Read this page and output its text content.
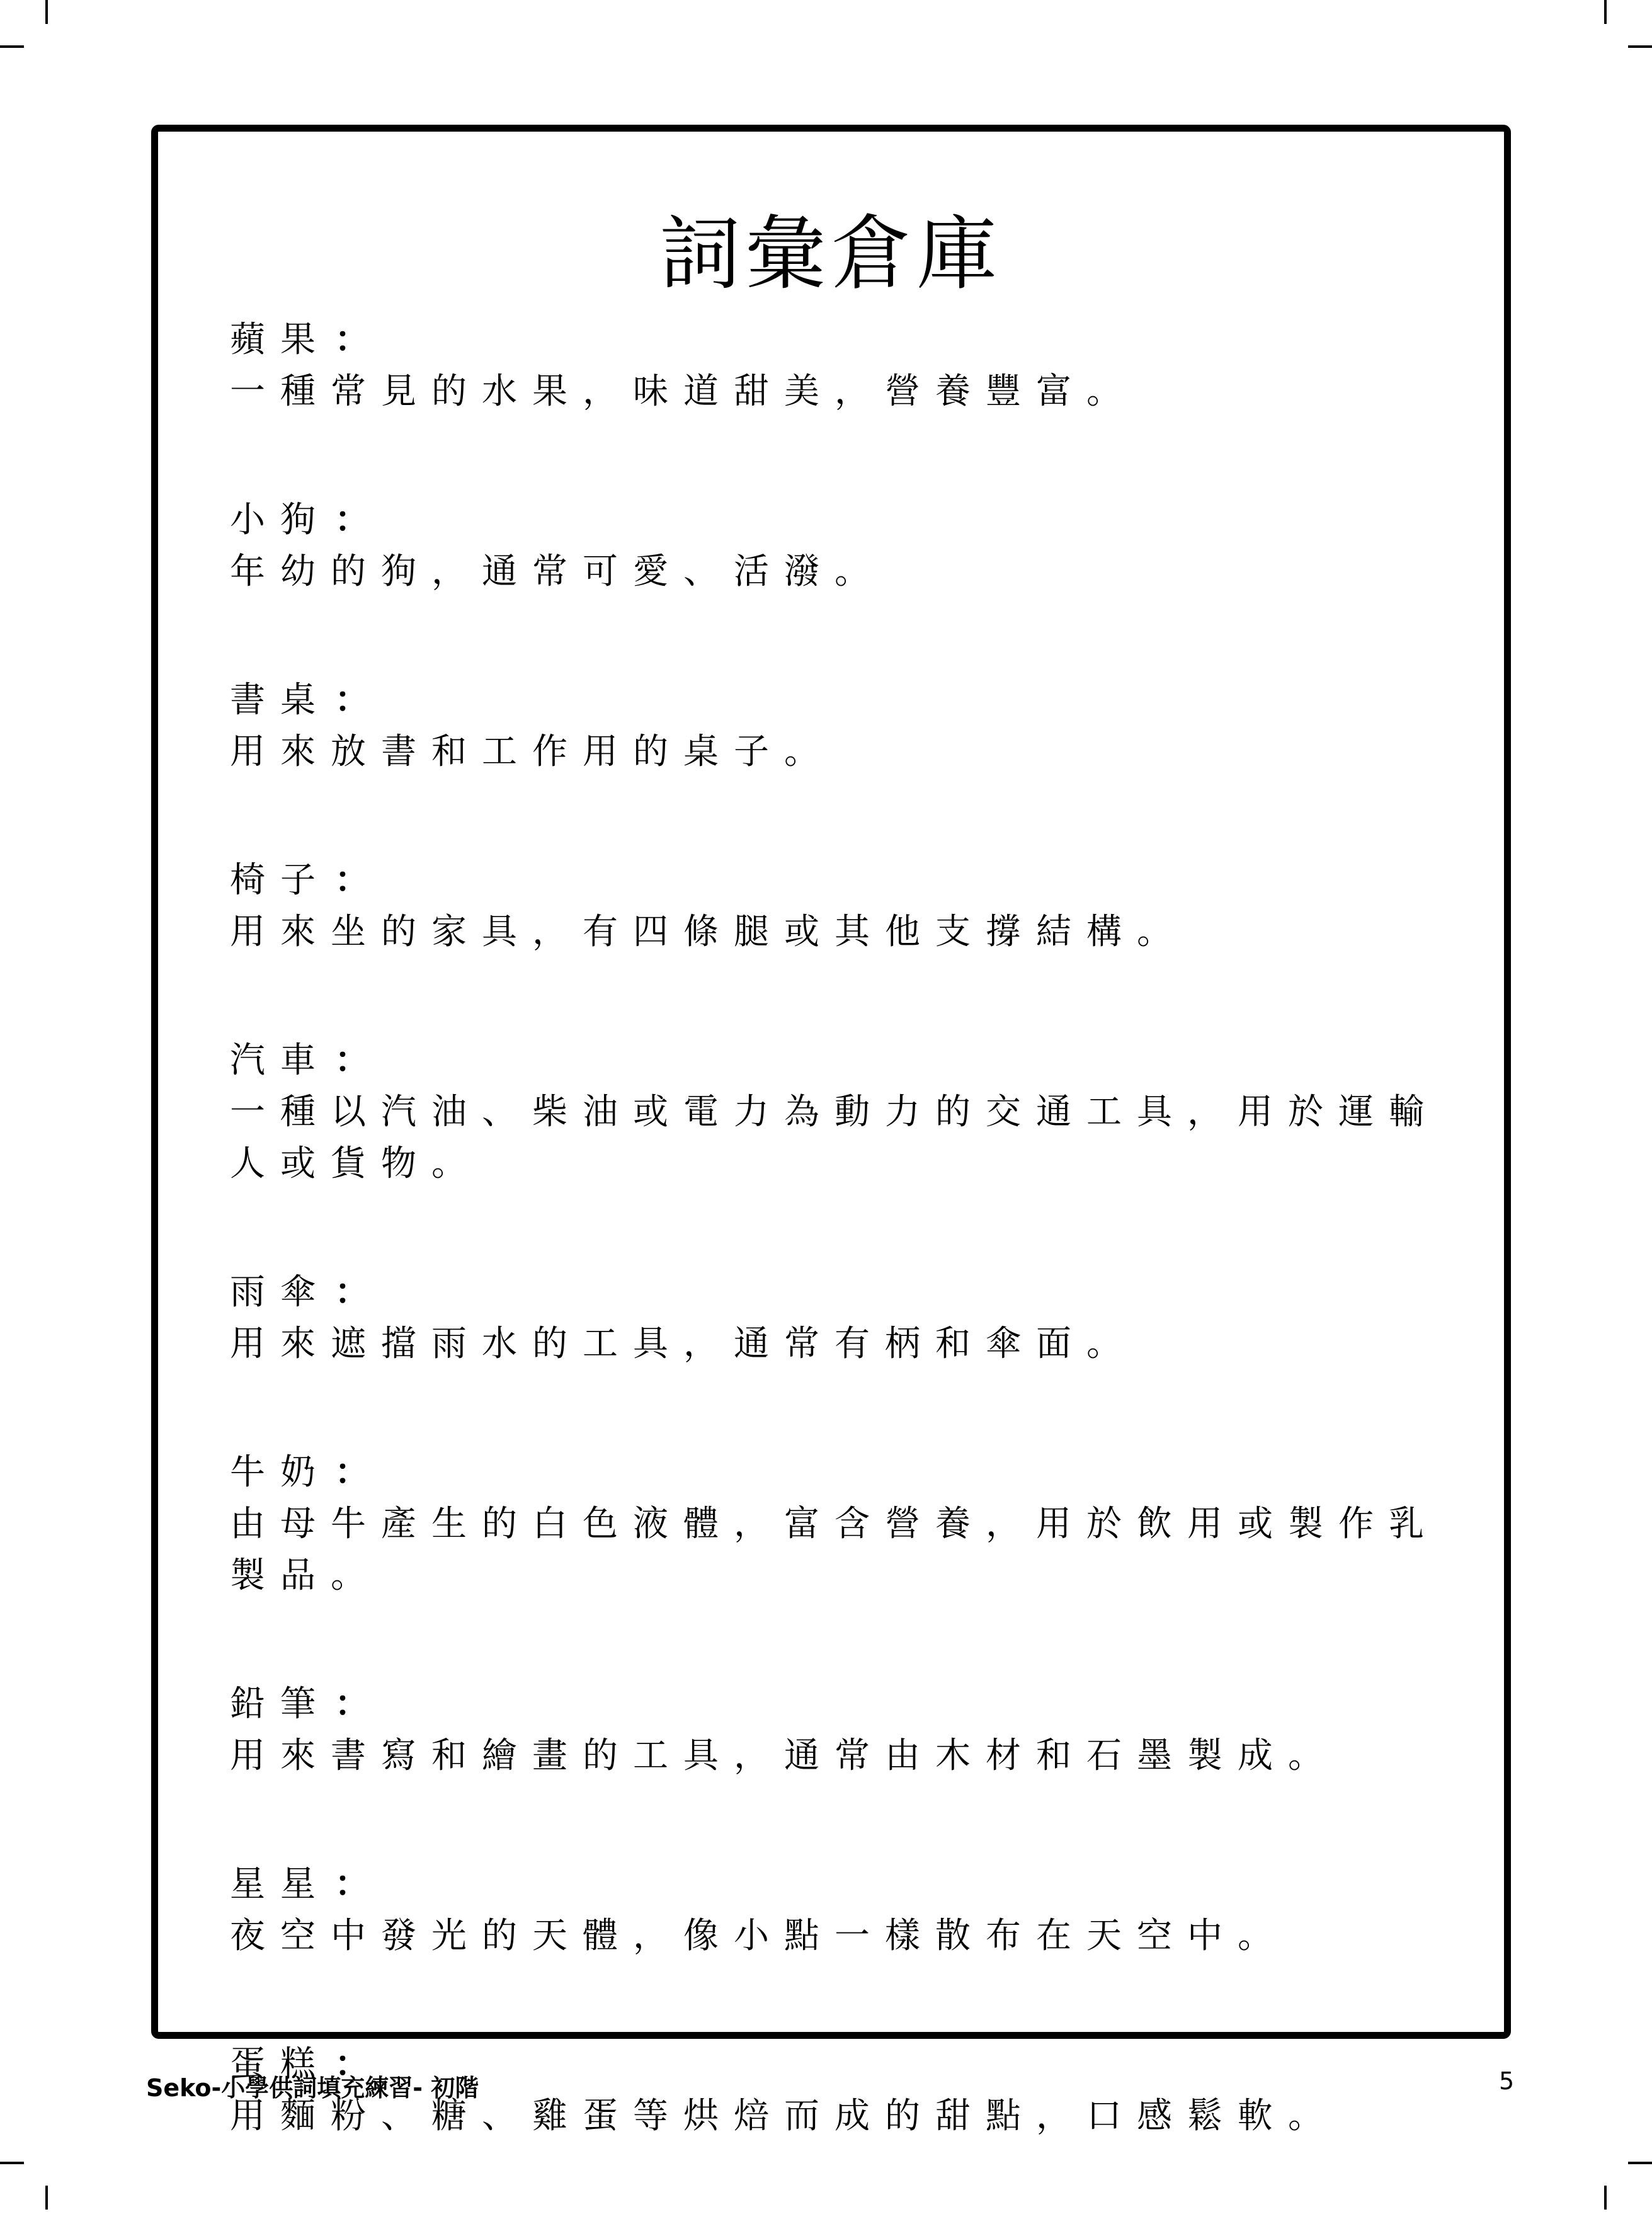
詞彙倉庫

蘋果 ：

一種常見的水果，味道甜美，營養豐富。

小狗 ：

年幼的狗，通常可愛、活潑。

書桌 ：

用來放書和工作用的桌子。

椅子 ：

用來坐的家具，有四條腿或其他支撐結構。

汽車 ：

一種以汽油、柴油或電力為動力的交通工具，用於運輸人或貨物。

雨傘 ：

用來遮擋雨水的工具，通常有柄和傘面。

牛奶 ：

由母牛產生的白色液體，富含營養，用於飲用或製作乳製品。

鉛筆 ：

用來書寫和繪畫的工具，通常由木材和石墨製成。

星星 ：

夜空中發光的天體，像小點一樣散布在天空中。

蛋糕 ：

用麵粉、糖、雞蛋等烘焙而成的甜點，口感鬆軟。

Seko-小學供詞填充練習- 初階	5
